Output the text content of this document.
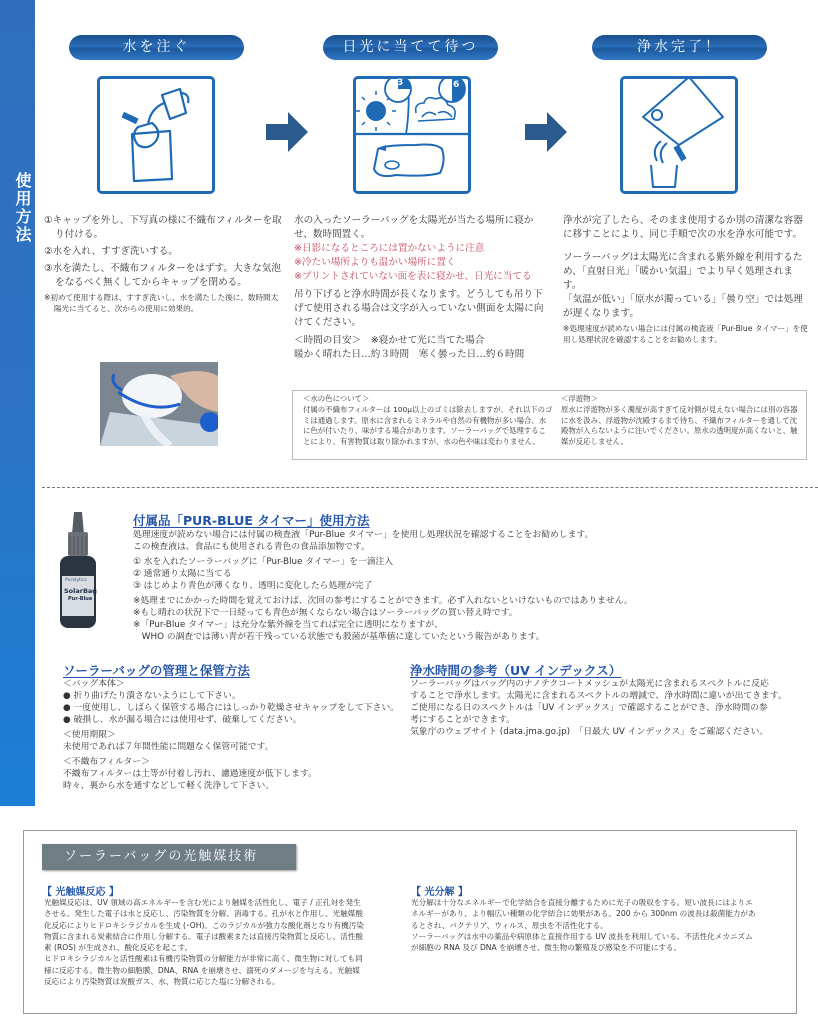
使用方法
水を注ぐ	日光に当てて待つ	浄水完了！
3	6

①キャップを外し、下写真の様に不織布フィルターを取り付ける。

②水を入れ、すすぎ洗いする。

③水を満たし、不織布フィルターをはずす。大きな気泡をなるべく無くしてからキャップを閉める。

※初めて使用する際は、すすぎ洗いし、水を満たした後に、数時間太陽光に当てると、次からの使用に効果的。

水の入ったソーラーバッグを太陽光が当たる場所に寝かせ、数時間置く。

※日影になるところには置かないように注意

※冷たい場所よりも温かい場所に置く

※プリントされていない面を表に寝かせ、日光に当てる

吊り下げると浄水時間が長くなります。どうしても吊り下げて使用される場合は文字が入っていない側面を太陽に向けてください。

＜時間の目安＞　※寝かせて光に当てた場合

暖かく晴れた日…約３時間　寒く曇った日…約６時間

浄水が完了したら、そのまま使用するか別の清潔な容器に移すことにより、同じ手順で次の水を浄水可能です。

ソーラーバッグは太陽光に含まれる紫外線を利用するため、「直射日光」「暖かい気温」でより早く処理されます。

「気温が低い」「原水が濁っている」「曇り空」では処理が遅くなります。

※処理速度が読めない場合には付属の検査液「Pur-Blue タイマー」を使用し処理状況を確認することをお勧めします。

＜水の色について＞
付属の不織布フィルターは 100μ以上のゴミは除去しますが、それ以下のゴミは通過します。原水に含まれるミネラルや自然の有機物が多い場合、水に色が付いたり、味がする場合があります。ソーラーバッグで処理することにより、有害物質は取り除かれますが、水の色や味は変わりません。
＜浮遊物＞
原水に浮遊物が多く濁度が高すぎて反対側が見えない場合には別の容器に水を汲み、浮遊物が沈殿するまで待ち、不織布フィルターを通して沈殿物が入らないように注いでください。原水の透明度が高くないと、触媒が反応しません。
Puralytics
SolarBag
Pur-Blue
付属品「PUR-BLUE タイマー」使用方法

処理速度が読めない場合には付属の検査液「Pur-Blue タイマー」を使用し処理状況を確認することをお勧めします。

この検査液は、食品にも使用される青色の食品添加物です。

① 水を入れたソーラーバッグに「Pur-Blue タイマー」を一滴注入

② 通常通り太陽に当てる

③ はじめより青色が薄くなり、透明に変化したら処理が完了

※処理までにかかった時間を覚えておけば、次回の参考にすることができます。必ず入れないといけないものではありません。

※もし晴れの状況下で一日経っても青色が無くならない場合はソーラーバッグの買い替え時です。

※「Pur-Blue タイマー」は充分な紫外線を当てれば完全に透明になりますが、

　WHO の調査では薄い青が若干残っている状態でも殺菌が基準値に達していたという報告があります。

ソーラーバッグの管理と保管方法

＜バッグ本体＞

● 折り曲げたり潰さないようにして下さい。

● 一度使用し、しばらく保管する場合にはしっかり乾燥させキャップをして下さい。

● 破損し、水が漏る場合には使用せず、破棄してください。

＜使用期限＞

未使用であれば７年間性能に問題なく保管可能です。

＜不織布フィルター＞

不織布フィルターは土等が付着し汚れ、濾過速度が低下します。

時々、裏から水を通すなどして軽く洗浄して下さい。

浄水時間の参考（UV インデックス）

ソーラーバッグはバッグ内のナノテクコートメッシュが太陽光に含まれるスペクトルに反応

することで浄水します。太陽光に含まれるスペクトルの増減で、浄水時間に違いが出てきます。

ご使用になる日のスペクトルは「UV インデックス」で確認することができ、浄水時間の参

考にすることができます。

気象庁のウェブサイト (data.jma.go.jp)　「日最大 UV インデックス」をご確認ください。

ソーラーバッグの光触媒技術
【 光触媒反応 】
光触媒反応は、UV 領域の高エネルギーを含む光により触媒を活性化し、電子 / 正孔対を発生
させる。発生した電子は水と反応し、汚染物質を分解、消毒する。孔が水と作用し、光触媒酸
化反応によりヒドロキシラジカルを生成 (･OH)。このラジカルが強力な酸化剤となり有機汚染
物質に含まれる炭素結合に作用し分解する。電子は酸素または直接汚染物質と反応し、活性酸
素 (ROS) が生成され、酸化反応を起こす。
ヒドロキシラジカルと活性酸素は有機汚染物質の分解能力が非常に高く、微生物に対しても同
様に反応する。微生物の細胞膜、DNA、RNA を崩壊させ、溺死のダメージを与える。光触媒
反応により汚染物質は炭酸ガス、水、物質に応じた塩に分解される。
【 光分解 】
光分解は十分なエネルギーで化学結合を直接分離するために光子の吸収をする。短い波長にはよりエ
ネルギーがあり、より幅広い種類の化学結合に効果がある。200 から 300nm の波長は殺菌能力があ
るとされ、バクテリア、ウィルス、原虫を不活性化する。
ソーラーバッグは水中の薬品や病原体と直接作用する UV 波長を利用している。不活性化メカニズム
が細胞の RNA 及び DNA を崩壊させ、微生物の繁殖及び感染を不可能にする。
